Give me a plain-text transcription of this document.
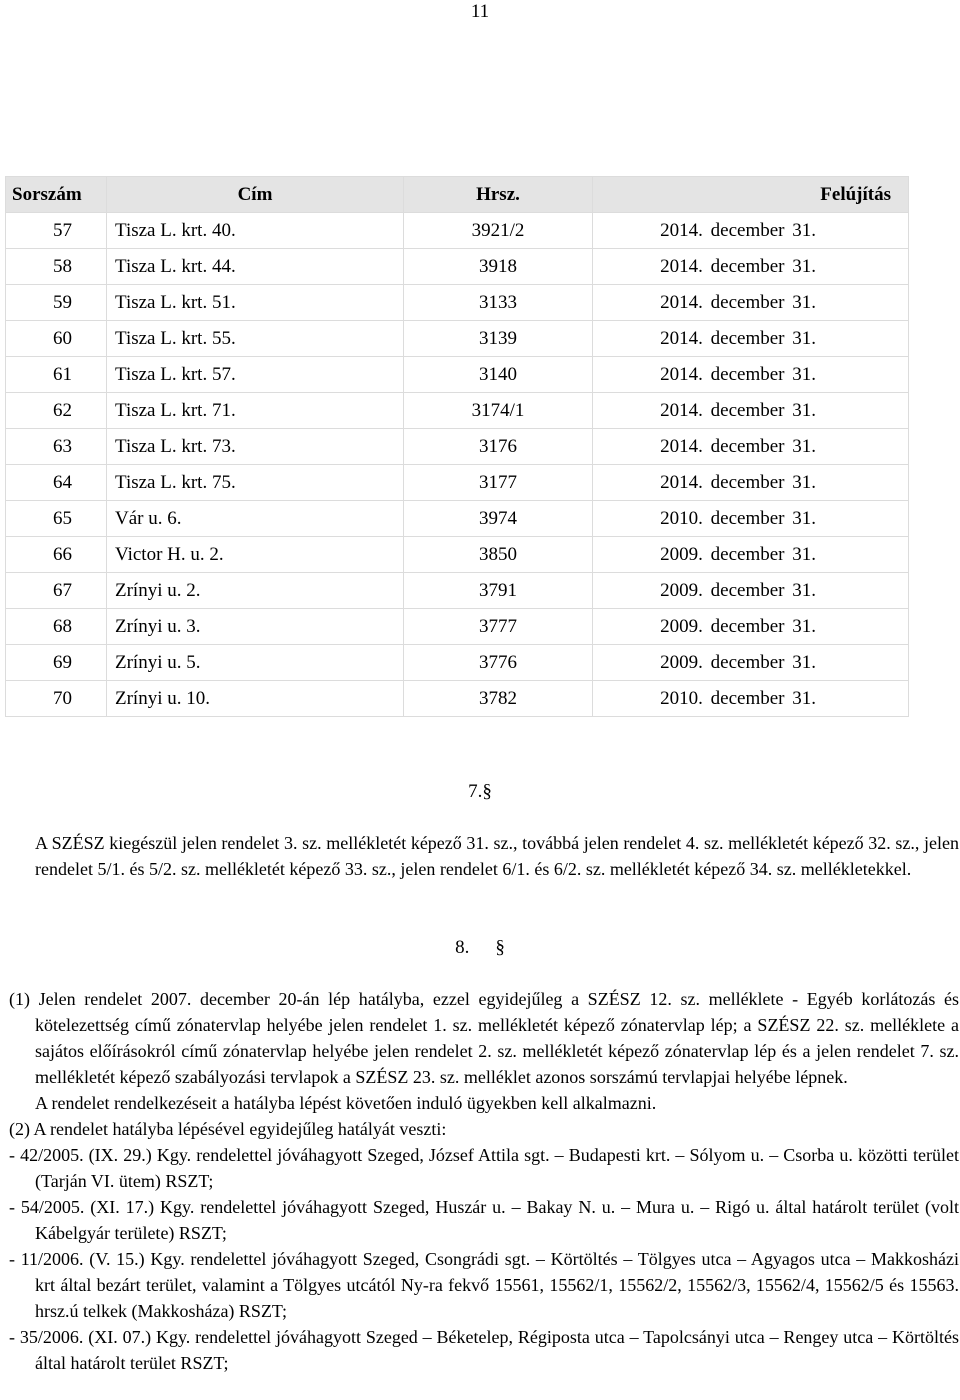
11
Sorszám	Cím	Hrsz.	Felújítás
57	Tisza L. krt. 40.	3921/2	2014. december 31.
58	Tisza L. krt. 44.	3918	2014. december 31.
59	Tisza L. krt. 51.	3133	2014. december 31.
60	Tisza L. krt. 55.	3139	2014. december 31.
61	Tisza L. krt. 57.	3140	2014. december 31.
62	Tisza L. krt. 71.	3174/1	2014. december 31.
63	Tisza L. krt. 73.	3176	2014. december 31.
64	Tisza L. krt. 75.	3177	2014. december 31.
65	Vár u. 6.	3974	2010. december 31.
66	Victor H. u. 2.	3850	2009. december 31.
67	Zrínyi u. 2.	3791	2009. december 31.
68	Zrínyi u. 3.	3777	2009. december 31.
69	Zrínyi u. 5.	3776	2009. december 31.
70	Zrínyi u. 10.	3782	2010. december 31.
7.§

A SZÉSZ kiegészül jelen rendelet 3. sz. mellékletét képező 31. sz., továbbá jelen rendelet 4. sz. mellékletét képező 32. sz., jelen rendelet 5/1. és 5/2. sz. mellékletét képező 33. sz., jelen rendelet 6/1. és 6/2. sz. mellékletét képező 34. sz. mellékletekkel.

8. §

(1) Jelen rendelet 2007. december 20-án lép hatályba, ezzel egyidejűleg a SZÉSZ 12. sz. melléklete - Egyéb korlátozás és kötelezettség című zónatervlap helyébe jelen rendelet 1. sz. mellékletét képező zónatervlap lép; a SZÉSZ 22. sz. melléklete a sajátos előírásokról című zónatervlap helyébe jelen rendelet 2. sz. mellékletét képező zónatervlap lép és a jelen rendelet 7. sz. mellékletét képező szabályozási tervlapok a SZÉSZ 23. sz. melléklet azonos sorszámú tervlapjai helyébe lépnek.

A rendelet rendelkezéseit a hatályba lépést követően induló ügyekben kell alkalmazni.

(2) A rendelet hatályba lépésével egyidejűleg hatályát veszti:

- 42/2005. (IX. 29.) Kgy. rendelettel jóváhagyott Szeged, József Attila sgt. – Budapesti krt. – Sólyom u. – Csorba u. közötti terület (Tarján VI. ütem) RSZT;

- 54/2005. (XI. 17.) Kgy. rendelettel jóváhagyott Szeged, Huszár u. – Bakay N. u. – Mura u. – Rigó u. által határolt terület (volt Kábelgyár területe) RSZT;

- 11/2006. (V. 15.) Kgy. rendelettel jóváhagyott Szeged, Csongrádi sgt. – Körtöltés – Tölgyes utca – Agyagos utca – Makkosházi krt által bezárt terület, valamint a Tölgyes utcától Ny-ra fekvő 15561, 15562/1, 15562/2, 15562/3, 15562/4, 15562/5 és 15563. hrsz.ú telkek (Makkosháza) RSZT;

- 35/2006. (XI. 07.) Kgy. rendelettel jóváhagyott Szeged – Béketelep, Régiposta utca – Tapolcsányi utca – Rengey utca – Körtöltés által határolt terület RSZT;
